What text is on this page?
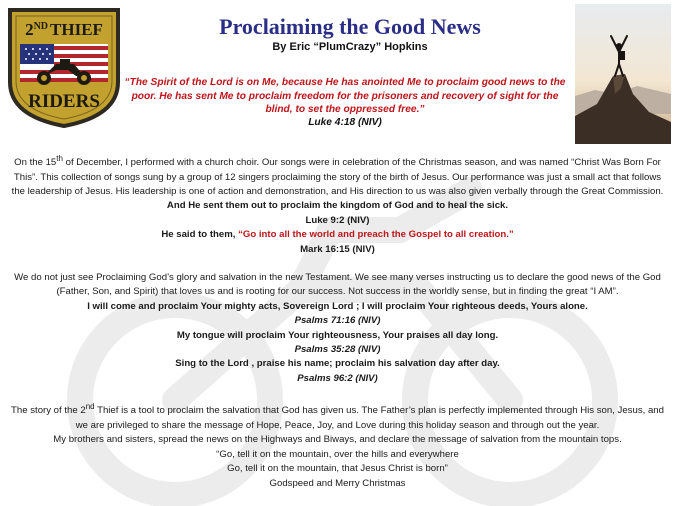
2ND THIEF
RIDERS
Proclaiming the Good News
By Eric “PlumCrazy” Hopkins
“The Spirit of the Lord is on Me, because He has anointed Me to proclaim good news to the poor. He has sent Me to proclaim freedom for the prisoners and recovery of sight for the blind, to set the oppressed free.”
Luke 4:18 (NIV)

On the 15th of December, I performed with a church choir. Our songs were in celebration of the Christmas season, and was named “Christ Was Born For This”. This collection of songs sung by a group of 12 singers proclaiming the story of the birth of Jesus. Our performance was just a small act that follows the leadership of Jesus. His leadership is one of action and demonstration, and His direction to us was also given verbally through the Great Commission.

And He sent them out to proclaim the kingdom of God and to heal the sick.

Luke 9:2 (NIV)

He said to them, “Go into all the world and preach the Gospel to all creation.”

Mark 16:15 (NIV)

We do not just see Proclaiming God’s glory and salvation in the new Testament. We see many verses instructing us to declare the good news of the God (Father, Son, and Spirit) that loves us and is rooting for our success. Not success in the worldly sense, but in finding the great “I AM”.

I will come and proclaim Your mighty acts, Sovereign Lord ; I will proclaim Your righteous deeds, Yours alone.

Psalms 71:16 (NIV)

My tongue will proclaim Your righteousness, Your praises all day long.

Psalms 35:28 (NIV)

Sing to the Lord , praise his name; proclaim his salvation day after day.

Psalms 96:2 (NIV)

The story of the 2nd Thief is a tool to proclaim the salvation that God has given us. The Father’s plan is perfectly implemented through His son, Jesus, and we are privileged to share the message of Hope, Peace, Joy, and Love during this holiday season and through out the year.

My brothers and sisters, spread the news on the Highways and Biways, and declare the message of salvation from the mountain tops.

“Go, tell it on the mountain, over the hills and everywhere

Go, tell it on the mountain, that Jesus Christ is born”

Godspeed and Merry Christmas
